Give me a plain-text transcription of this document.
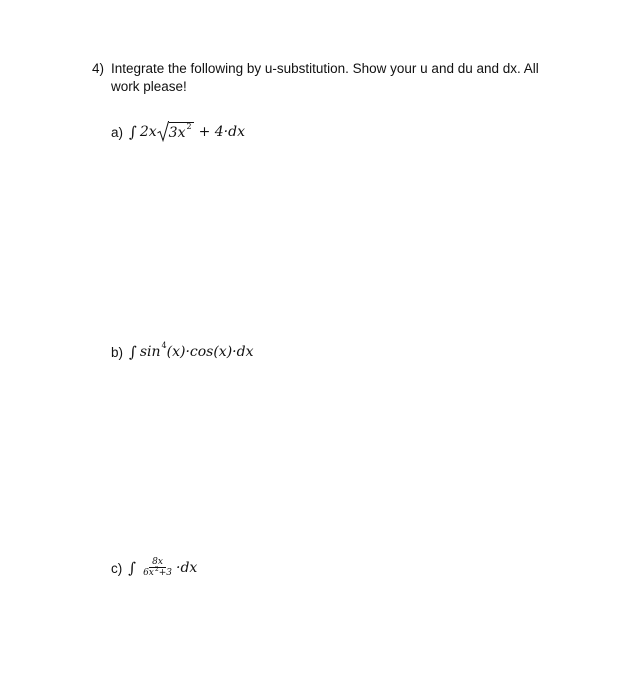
4) Integrate the following by u-substitution. Show your u and du and dx. All work please!
a) ∫ 2x 3x 2 + 4·dx
b) ∫ sin 4 (x)·cos(x)·dx
c) ∫ $\frac{8x}{6x^2+3} \cdot dx$
